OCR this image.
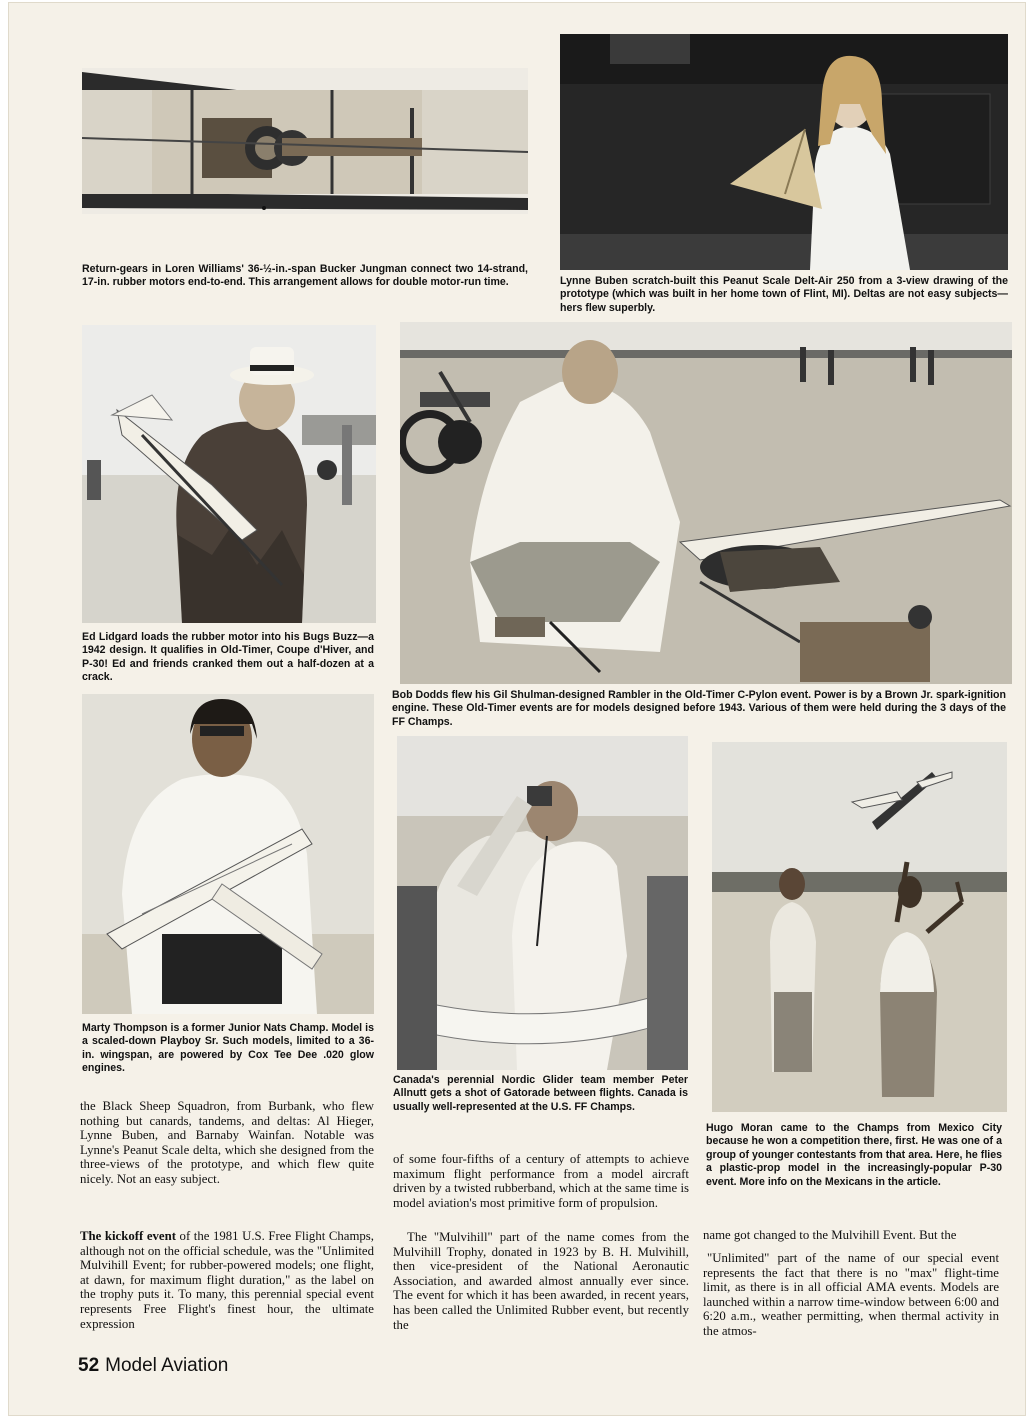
Return-gears in Loren Williams' 36-½-in.-span Bucker Jungman connect two 14-strand, 17-in. rubber motors end-to-end. This arrangement allows for double motor-run time.	Lynne Buben scratch-built this Peanut Scale Delt-Air 250 from a 3-view drawing of the prototype (which was built in her home town of Flint, MI). Deltas are not easy subjects—hers flew superbly.

Ed Lidgard loads the rubber motor into his Bugs Buzz—a 1942 design. It qualifies in Old-Timer, Coupe d'Hiver, and P-30! Ed and friends cranked them out a half-dozen at a crack.

Bob Dodds flew his Gil Shulman-designed Rambler in the Old-Timer C-Pylon event. Power is by a Brown Jr. spark-ignition engine. These Old-Timer events are for models designed before 1943. Various of them were held during the 3 days of the FF Champs.

Marty Thompson is a former Junior Nats Champ. Model is a scaled-down Playboy Sr. Such models, limited to a 36-in. wingspan, are powered by Cox Tee Dee .020 glow engines.

Canada's perennial Nordic Glider team member Peter Allnutt gets a shot of Gatorade between flights. Canada is usually well-represented at the U.S. FF Champs.

Hugo Moran came to the Champs from Mexico City because he won a competition there, first. He was one of a group of younger contestants from that area. Here, he flies a plastic-prop model in the increasingly-popular P-30 event. More info on the Mexicans in the article.

the Black Sheep Squadron, from Burbank, who flew nothing but canards, tandems, and deltas: Al Hieger, Lynne Buben, and Barnaby Wainfan. Notable was Lynne's Peanut Scale delta, which she designed from the three-views of the prototype, and which flew quite nicely. Not an easy subject.

The kickoff event of the 1981 U.S. Free Flight Champs, although not on the official schedule, was the "Unlimited Mulvihill Event; for rubber-powered models; one flight, at dawn, for maximum flight duration," as the label on the trophy puts it. To many, this perennial special event represents Free Flight's finest hour, the ultimate expression

of some four-fifths of a century of attempts to achieve maximum flight performance from a model aircraft driven by a twisted rubberband, which at the same time is model aviation's most primitive form of propulsion.

The "Mulvihill" part of the name comes from the Mulvihill Trophy, donated in 1923 by B. H. Mulvihill, then vice-president of the National Aeronautic Association, and awarded almost annually ever since. The event for which it has been awarded, in recent years, has been called the Unlimited Rubber event, but recently the

name got changed to the Mulvihill Event. But the

"Unlimited" part of the name of our special event represents the fact that there is no "max" flight-time limit, as there is in all official AMA events. Models are launched within a narrow time-window between 6:00 and 6:20 a.m., weather permitting, when thermal activity in the atmos-

52 Model Aviation
